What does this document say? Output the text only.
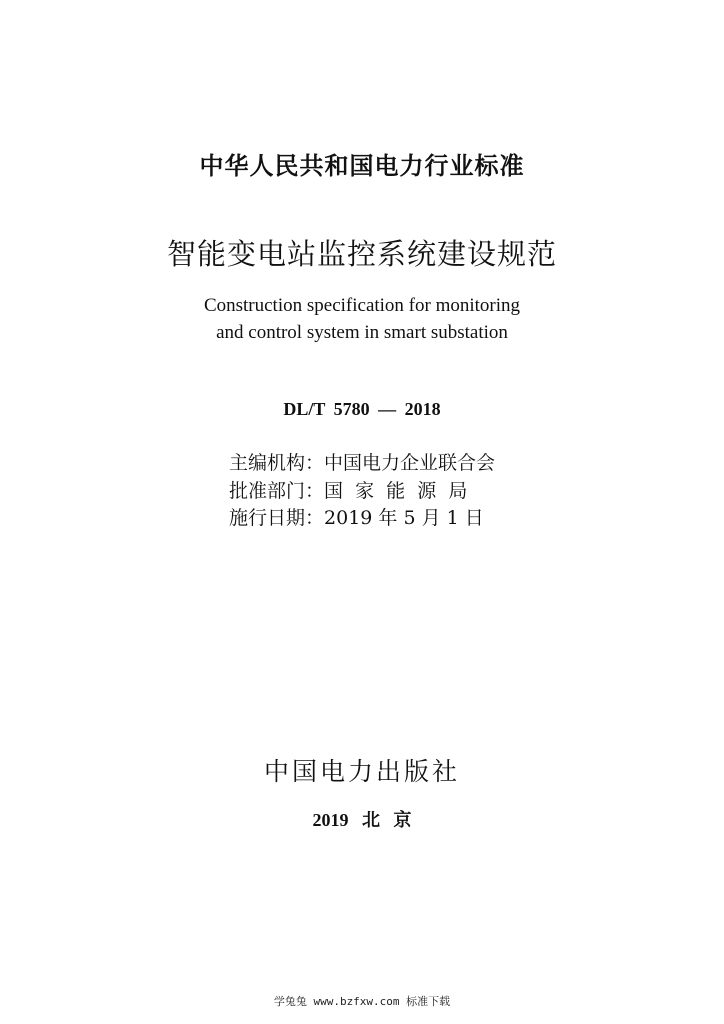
中华人民共和国电力行业标准
智能变电站监控系统建设规范
Construction specification for monitoring
and control system in smart substation
DL/T 5780 — 2018
主编机构：中国电力企业联合会
批准部门：国  家  能  源  局
施行日期：2019 年 5 月 1 日
中国电力出版社
2019   北   京
学兔兔 www.bzfxw.com 标准下载
